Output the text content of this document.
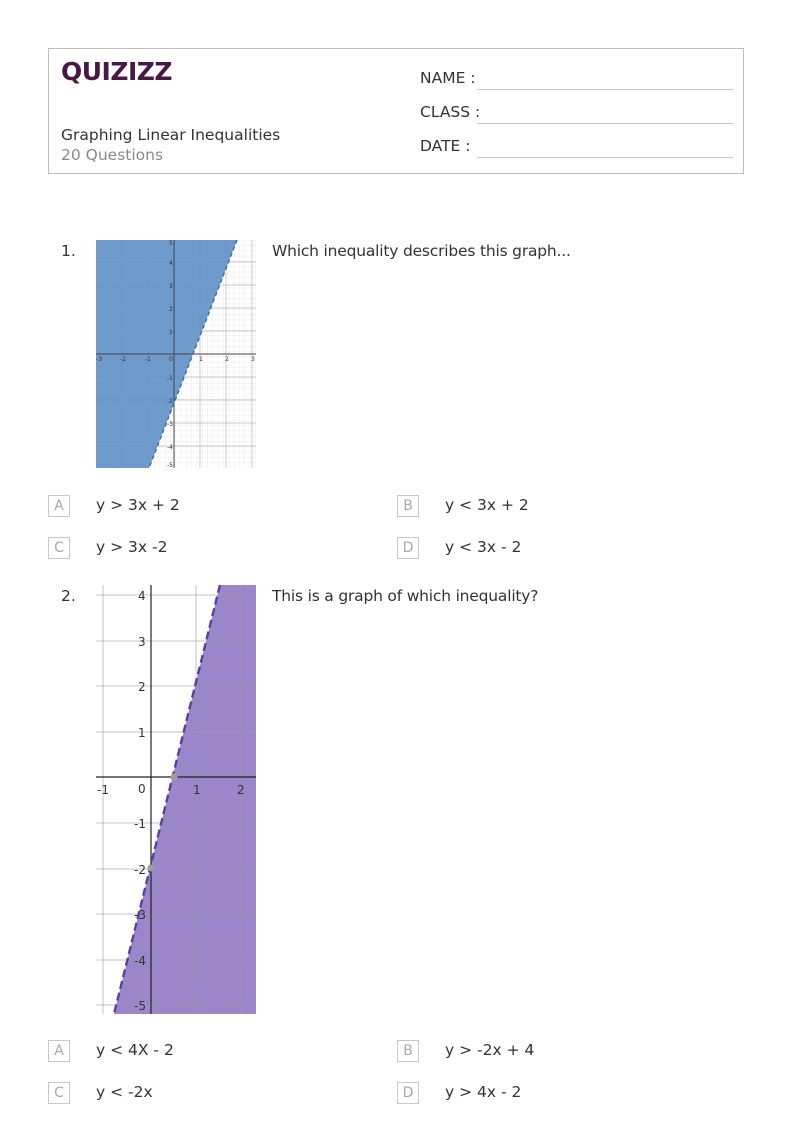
QUIZIZZ
Graphing Linear Inequalities
20 Questions
NAME :
CLASS :
DATE :
1.
-3	-2	-1	0	1	2	3
5
4
3
2
1
-1
-2
-3
-4
-5
Which inequality describes this graph...
A	y > 3x + 2	B	y < 3x + 2
C	y > 3x -2	D	y < 3x - 2
2.
-1 0	1	2
4
3
2
1
-1
-2
-3
-4
-5
This is a graph of which inequality?
A	y < 4X - 2	B	y > -2x + 4
C	y < -2x	D	y > 4x - 2
